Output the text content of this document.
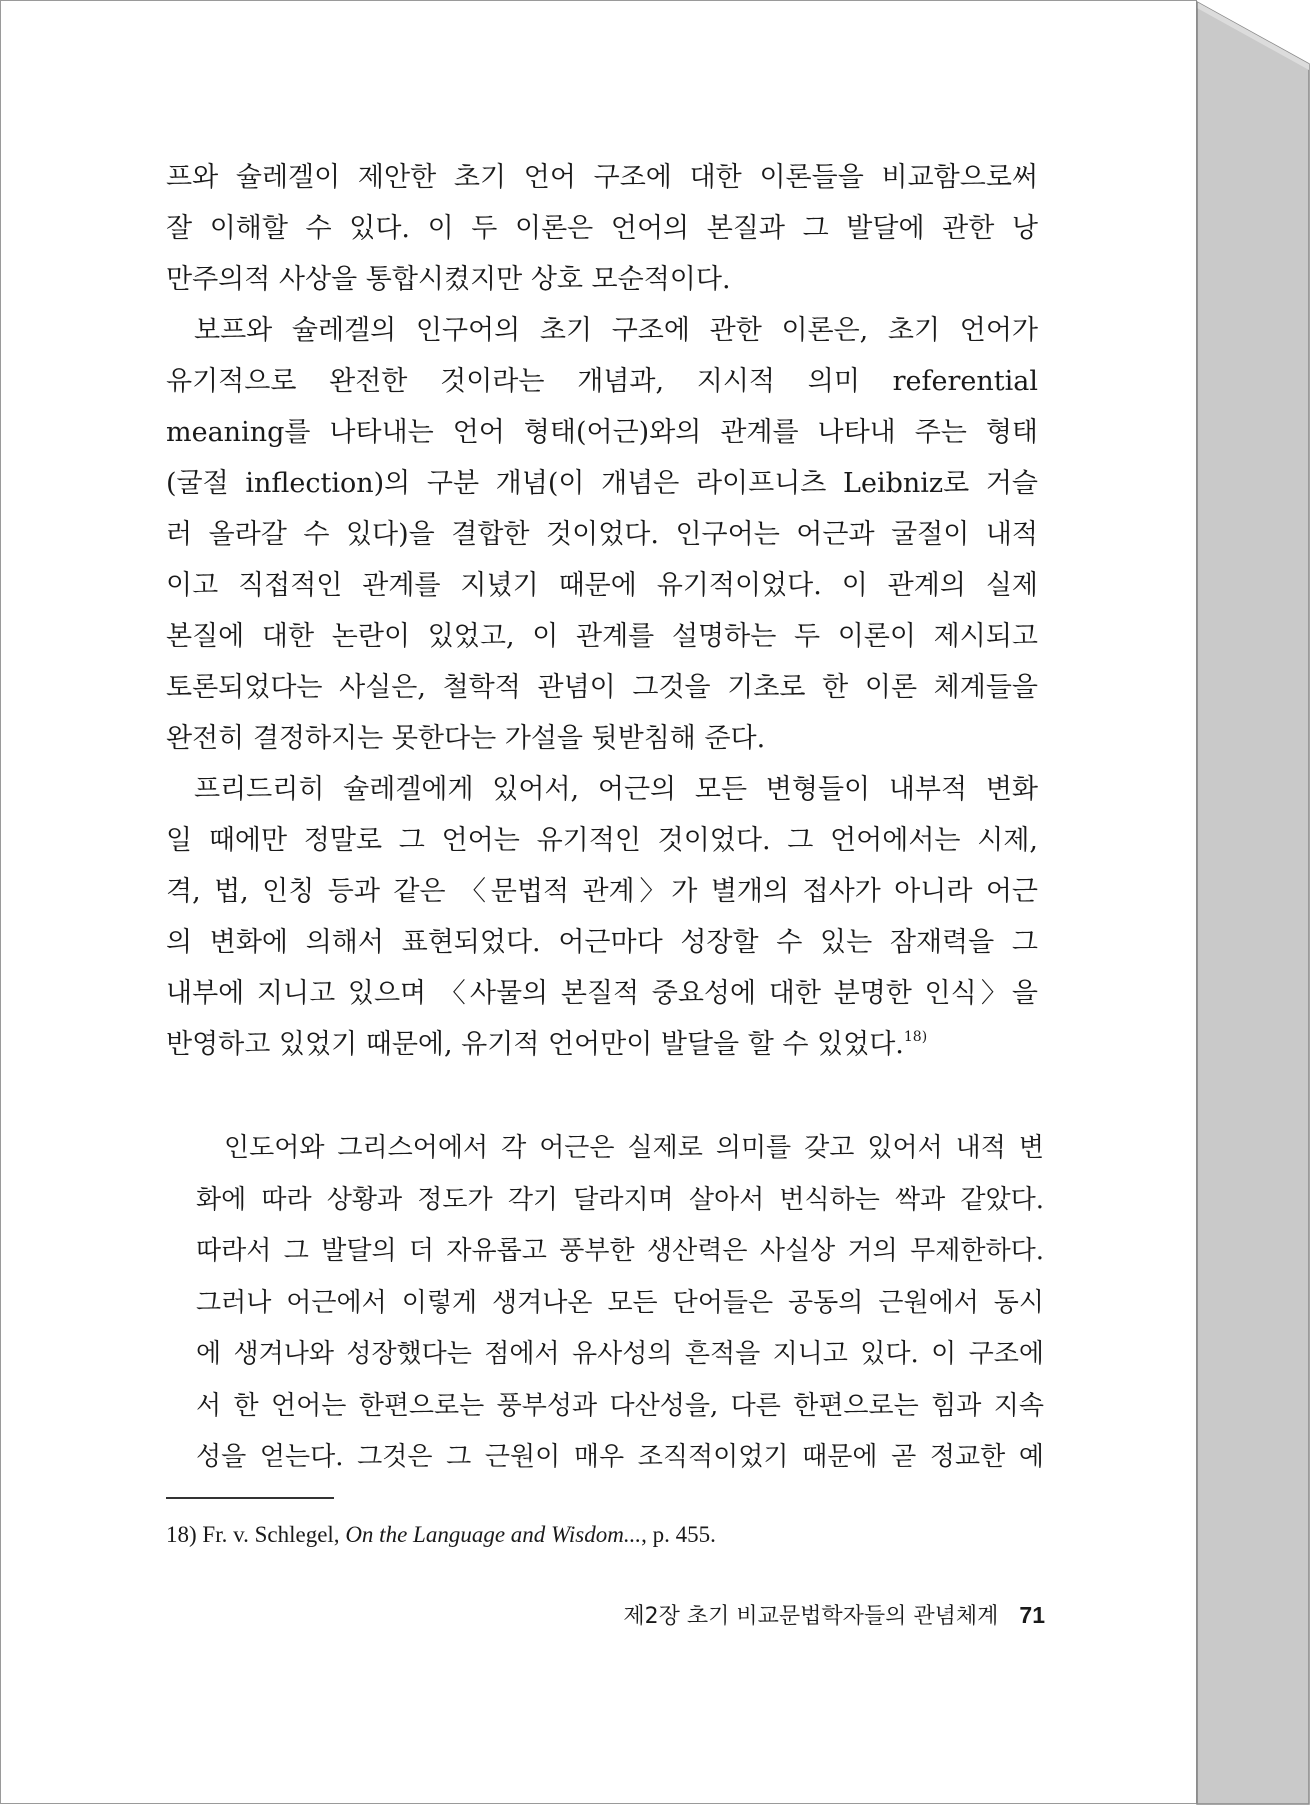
프와 슐레겔이 제안한 초기 언어 구조에 대한 이론들을 비교함으로써
잘 이해할 수 있다. 이 두 이론은 언어의 본질과 그 발달에 관한 낭
만주의적 사상을 통합시켰지만 상호 모순적이다.
보프와 슐레겔의 인구어의 초기 구조에 관한 이론은, 초기 언어가
유기적으로 완전한 것이라는 개념과, 지시적 의미 referential
meaning를 나타내는 언어 형태(어근)와의 관계를 나타내 주는 형태
(굴절 inflection)의 구분 개념(이 개념은 라이프니츠 Leibniz로 거슬
러 올라갈 수 있다)을 결합한 것이었다. 인구어는 어근과 굴절이 내적
이고 직접적인 관계를 지녔기 때문에 유기적이었다. 이 관계의 실제
본질에 대한 논란이 있었고, 이 관계를 설명하는 두 이론이 제시되고
토론되었다는 사실은, 철학적 관념이 그것을 기초로 한 이론 체계들을
완전히 결정하지는 못한다는 가설을 뒷받침해 준다.
프리드리히 슐레겔에게 있어서, 어근의 모든 변형들이 내부적 변화
일 때에만 정말로 그 언어는 유기적인 것이었다. 그 언어에서는 시제,
격, 법, 인칭 등과 같은 〈문법적 관계〉가 별개의 접사가 아니라 어근
의 변화에 의해서 표현되었다. 어근마다 성장할 수 있는 잠재력을 그
내부에 지니고 있으며 〈사물의 본질적 중요성에 대한 분명한 인식〉을
반영하고 있었기 때문에, 유기적 언어만이 발달을 할 수 있었다.$^{18)}$
인도어와 그리스어에서 각 어근은 실제로 의미를 갖고 있어서 내적 변
화에 따라 상황과 정도가 각기 달라지며 살아서 번식하는 싹과 같았다.
따라서 그 발달의 더 자유롭고 풍부한 생산력은 사실상 거의 무제한하다.
그러나 어근에서 이렇게 생겨나온 모든 단어들은 공동의 근원에서 동시
에 생겨나와 성장했다는 점에서 유사성의 흔적을 지니고 있다. 이 구조에
서 한 언어는 한편으로는 풍부성과 다산성을, 다른 한편으로는 힘과 지속
성을 얻는다. 그것은 그 근원이 매우 조직적이었기 때문에 곧 정교한 예
18) Fr. v. Schlegel, On the Language and Wisdom..., p. 455.
제2장 초기 비교문법학자들의 관념체계 71
